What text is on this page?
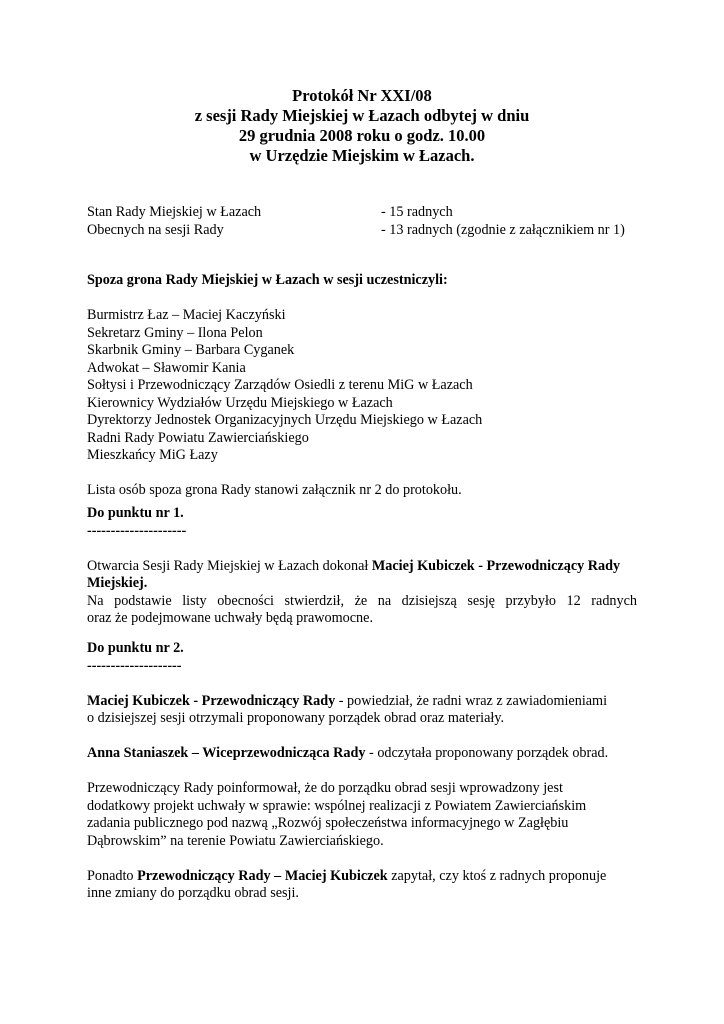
Protokół Nr XXI/08
z sesji Rady Miejskiej w Łazach odbytej w dniu
29 grudnia 2008 roku o godz. 10.00
w Urzędzie Miejskim w Łazach.
Stan Rady Miejskiej w Łazach	- 15 radnych
Obecnych na sesji Rady	- 13 radnych (zgodnie z załącznikiem nr 1)
Spoza grona Rady Miejskiej w Łazach w sesji uczestniczyli:
Burmistrz Łaz – Maciej Kaczyński
Sekretarz Gminy – Ilona Pelon
Skarbnik Gminy – Barbara Cyganek
Adwokat – Sławomir Kania
Sołtysi i Przewodniczący Zarządów Osiedli z terenu MiG w Łazach
Kierownicy Wydziałów Urzędu Miejskiego w Łazach
Dyrektorzy Jednostek Organizacyjnych Urzędu Miejskiego w Łazach
Radni Rady Powiatu Zawierciańskiego
Mieszkańcy MiG Łazy
Lista osób spoza grona Rady stanowi załącznik nr 2 do protokołu.
Do punktu nr 1.
---------------------
Otwarcia Sesji Rady Miejskiej w Łazach dokonał Maciej Kubiczek - Przewodniczący Rady
Miejskiej.
Na podstawie listy obecności stwierdził, że na dzisiejszą sesję przybyło 12 radnych
oraz że podejmowane uchwały będą prawomocne.
Do punktu nr 2.
--------------------
Maciej Kubiczek - Przewodniczący Rady - powiedział, że radni wraz z zawiadomieniami
o dzisiejszej sesji otrzymali proponowany porządek obrad oraz materiały.
Anna Staniaszek – Wiceprzewodnicząca Rady - odczytała proponowany porządek obrad.
Przewodniczący Rady poinformował, że do porządku obrad sesji wprowadzony jest
dodatkowy projekt uchwały w sprawie: wspólnej realizacji z Powiatem Zawierciańskim
zadania publicznego pod nazwą „Rozwój społeczeństwa informacyjnego w Zagłębiu
Dąbrowskim” na terenie Powiatu Zawierciańskiego.
Ponadto Przewodniczący Rady – Maciej Kubiczek zapytał, czy ktoś z radnych proponuje
inne zmiany do porządku obrad sesji.
